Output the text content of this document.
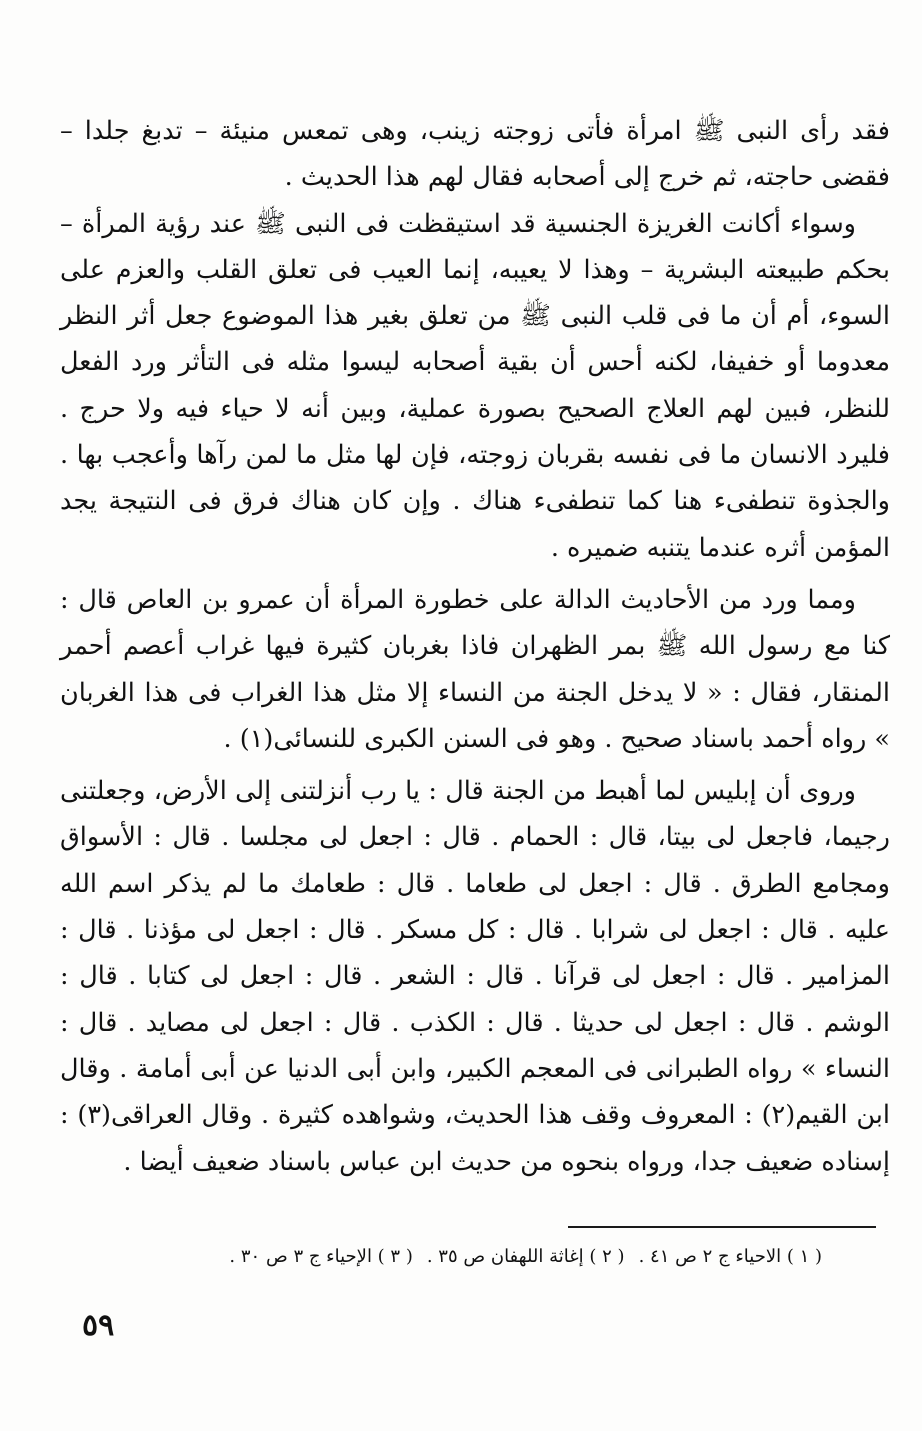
فقد رأى النبى ﷺ امرأة فأتى زوجته زينب، وهى تمعس منيئة – تدبغ جلدا – فقضى حاجته، ثم خرج إلى أصحابه فقال لهم هذا الحديث .

وسواء أكانت الغريزة الجنسية قد استيقظت فى النبى ﷺ عند رؤية المرأة – بحكم طبيعته البشرية – وهذا لا يعيبه، إنما العيب فى تعلق القلب والعزم على السوء، أم أن ما فى قلب النبى ﷺ من تعلق بغير هذا الموضوع جعل أثر النظر معدوما أو خفيفا، لكنه أحس أن بقية أصحابه ليسوا مثله فى التأثر ورد الفعل للنظر، فبين لهم العلاج الصحيح بصورة عملية، وبين أنه لا حياء فيه ولا حرج . فليرد الانسان ما فى نفسه بقربان زوجته، فإن لها مثل ما لمن رآها وأعجب بها . والجذوة تنطفىء هنا كما تنطفىء هناك . وإن كان هناك فرق فى النتيجة يجد المؤمن أثره عندما يتنبه ضميره .

ومما ورد من الأحاديث الدالة على خطورة المرأة أن عمرو بن العاص قال : كنا مع رسول الله ﷺ بمر الظهران فاذا بغربان كثيرة فيها غراب أعصم أحمر المنقار، فقال : « لا يدخل الجنة من النساء إلا مثل هذا الغراب فى هذا الغربان » رواه أحمد باسناد صحيح . وهو فى السنن الكبرى للنسائى(١) .

وروى أن إبليس لما أهبط من الجنة قال : يا رب أنزلتنى إلى الأرض، وجعلتنى رجيما، فاجعل لى بيتا، قال : الحمام . قال : اجعل لى مجلسا . قال : الأسواق ومجامع الطرق . قال : اجعل لى طعاما . قال : طعامك ما لم يذكر اسم الله عليه . قال : اجعل لى شرابا . قال : كل مسكر . قال : اجعل لى مؤذنا . قال : المزامير . قال : اجعل لى قرآنا . قال : الشعر . قال : اجعل لى كتابا . قال : الوشم . قال : اجعل لى حديثا . قال : الكذب . قال : اجعل لى مصايد . قال : النساء » رواه الطبرانى فى المعجم الكبير، وابن أبى الدنيا عن أبى أمامة . وقال ابن القيم(٢) : المعروف وقف هذا الحديث، وشواهده كثيرة . وقال العراقى(٣) : إسناده ضعيف جدا، ورواه بنحوه من حديث ابن عباس باسناد ضعيف أيضا .

( ١ ) الاحياء ج ٢ ص ٤١ .( ٢ ) إغاثة اللهفان ص ٣٥ .( ٣ ) الإحياء ج ٣ ص ٣٠ .
٥٩
